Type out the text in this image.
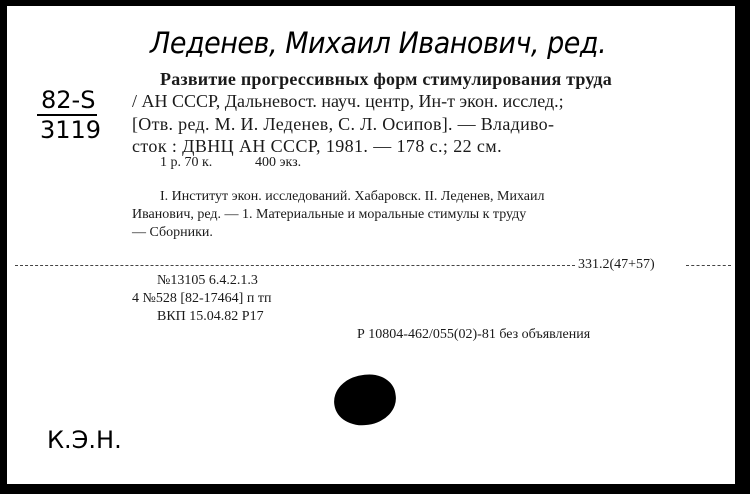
Леденев, Михаил Иванович, ред.
82-S
3119
Развитие прогрессивных форм стимулирования труда
/ АН СССР, Дальневост. науч. центр, Ин-т экон. исслед.;
[Отв. ред. М. И. Леденев, С. Л. Осипов]. — Владиво-
сток : ДВНЦ АН СССР, 1981. — 178 с.; 22 см.
1 р. 70 к.	400 экз.
I. Институт экон. исследований. Хабаровск. II. Леденев, Михаил
Иванович, ред. — 1. Материальные и моральные стимулы к труду
— Сборники.
331.2(47+57)
№13105 6.4.2.1.3
4 №528 [82-17464] п тп
ВКП 15.04.82 Р17
Р 10804-462/055(02)-81 без объявления
К.Э.Н.
